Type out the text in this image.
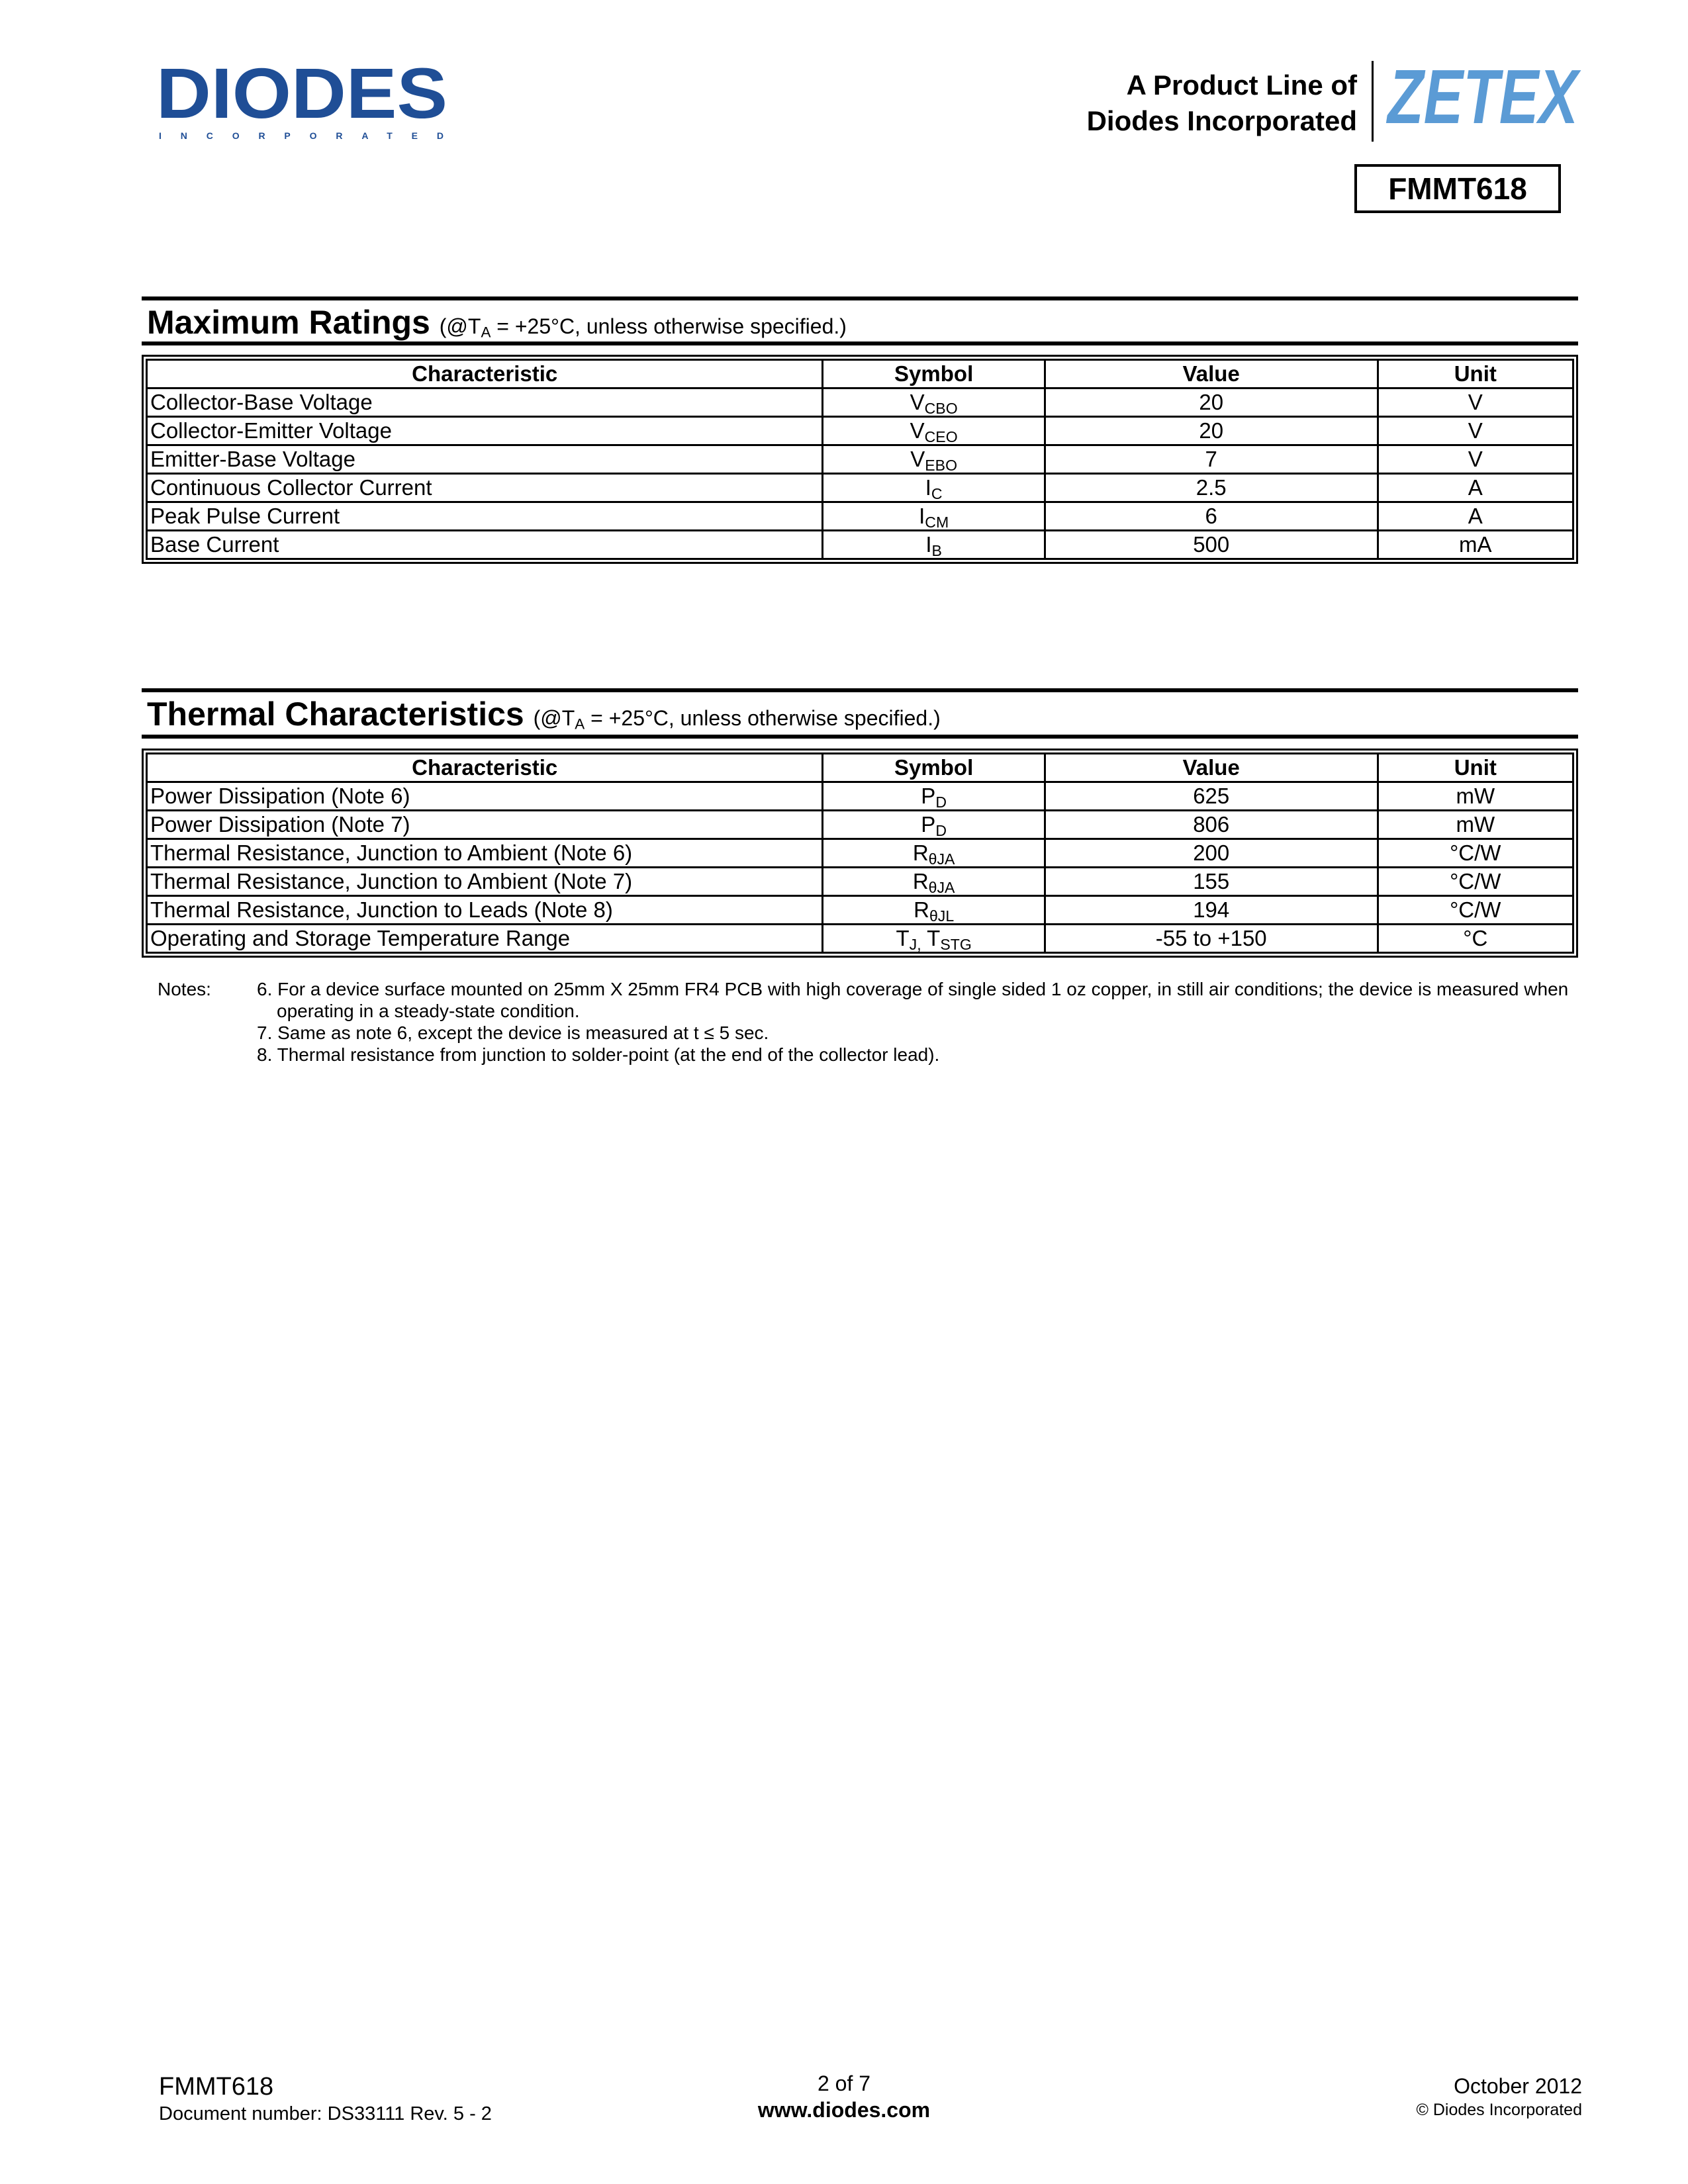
DIODES
INCORPORATED
A Product Line of
Diodes Incorporated ZETEX
FMMT618
Maximum Ratings ($@T_A = +25^\circ C$, unless otherwise specified.)
Characteristic	Symbol	Value	Unit
Collector-Base Voltage	$V_{CBO}$	20	V
Collector-Emitter Voltage	$V_{CEO}$	20	V
Emitter-Base Voltage	$V_{EBO}$	7	V
Continuous Collector Current	$I_C$	2.5	A
Peak Pulse Current	$I_{CM}$	6	A
Base Current	$I_B$	500	mA
Thermal Characteristics ($@T_A = +25^\circ C$, unless otherwise specified.)
Characteristic	Symbol	Value	Unit
Power Dissipation (Note 6)	$P_D$	625	mW
Power Dissipation (Note 7)	$P_D$	806	mW
Thermal Resistance, Junction to Ambient (Note 6)	$R_{\theta JA}$	200	°C/W
Thermal Resistance, Junction to Ambient (Note 7)	$R_{\theta JA}$	155	°C/W
Thermal Resistance, Junction to Leads (Note 8)	$R_{\theta JL}$	194	°C/W
Operating and Storage Temperature Range	$T_{J,}$ $T_{STG}$	-55 to +150	°C
Notes: 6. For a device surface mounted on 25mm X 25mm FR4 PCB with high coverage of single sided 1 oz copper, in still air conditions; the device is measured when operating in a steady-state condition.
7. Same as note 6, except the device is measured at t ≤ 5 sec.
8. Thermal resistance from junction to solder-point (at the end of the collector lead).
FMMT618
Document number: DS33111 Rev. 5 - 2
2 of 7
www.diodes.com
October 2012
© Diodes Incorporated
